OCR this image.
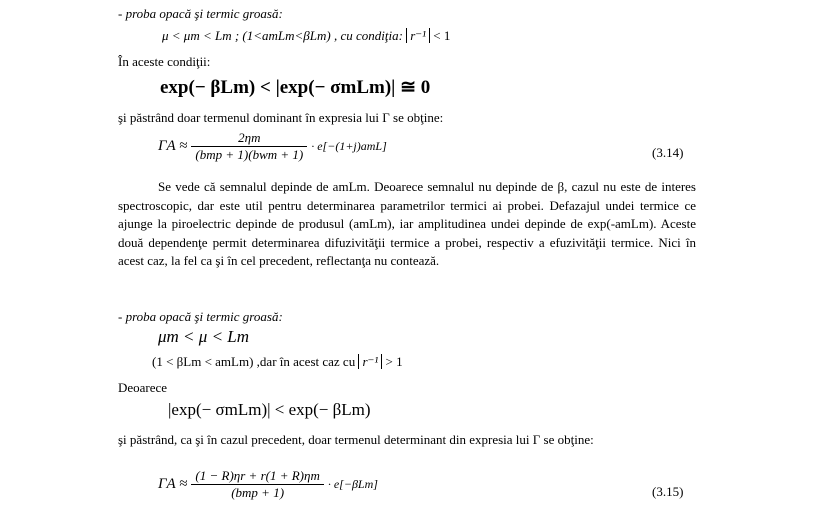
- proba opacă şi termic groasă:
μ < μm < Lm ; (1<amLm<βLm) , cu condiţia: r⁻¹ < 1
În aceste condiţii:
exp(− βLm) < |exp(− σmLm)| ≅ 0
şi păstrând doar termenul dominant în expresia lui Γ se obţine:
$\Gamma A \approx \frac{2\eta m}{\text{(bmp + 1)(bwm + 1)}} \cdot e[-(1+j)amL]$	(3.14)
Se vede că semnalul depinde de amLm. Deoarece semnalul nu depinde de β, cazul nu este de interes spectroscopic, dar este util pentru determinarea parametrilor termici ai probei. Defazajul undei termice ce ajunge la piroelectric depinde de produsul (amLm), iar amplitudinea undei depinde de exp(-amLm). Aceste două dependenţe permit determinarea difuzivităţii termice a probei, respectiv a efuzivităţii termice. Nici în acest caz, la fel ca şi în cel precedent, reflectanţa nu contează.
- proba opacă şi termic groasă:
μm < μ < Lm
(1 < βLm < amLm) ,dar în acest caz cu r⁻¹ > 1
Deoarece
|exp(− σmLm)| < exp(− βLm)
şi păstrând, ca şi în cazul precedent, doar termenul determinant din expresia lui Γ se obţine:
$\Gamma A \approx \frac{(1 - R)\eta r + r(1 + R)\eta m}{\text{(bmp + 1)}} \cdot e[-\beta Lm]$	(3.15)
